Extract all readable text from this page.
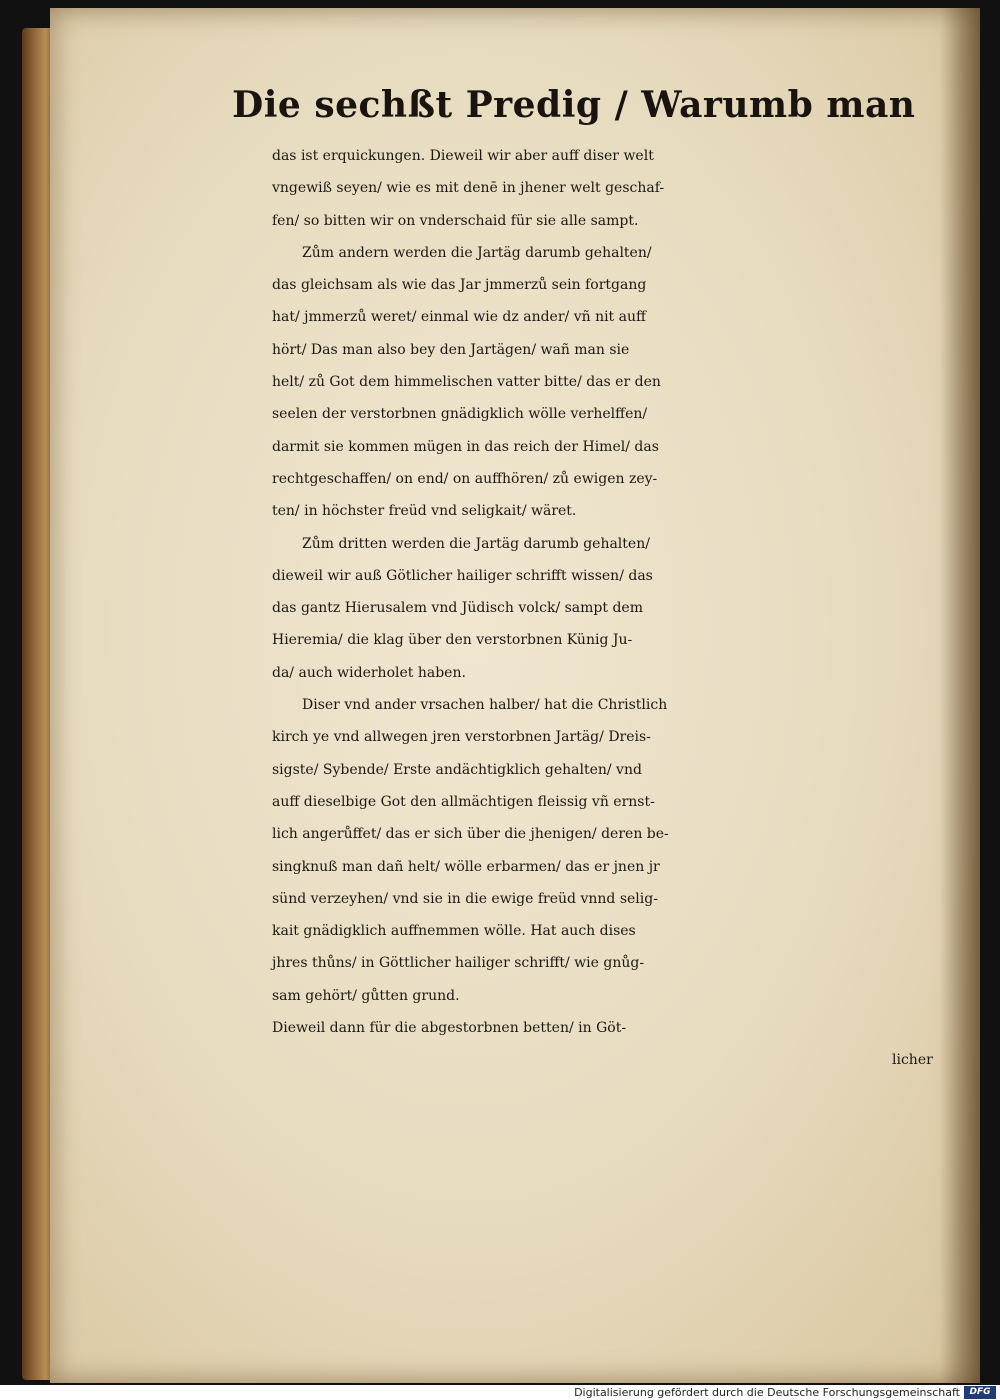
Die sechßt Predig / Warumb man
das ist erquickungen. Dieweil wir aber auff diser welt
vngewiß seyen/ wie es mit denē in jhener welt geschaf-
fen/ so bitten wir on vnderschaid für sie alle sampt.
Zům andern werden die Jartäg darumb gehalten/
das gleichsam als wie das Jar jmmerzů sein fortgang
hat/ jmmerzů weret/ einmal wie dz ander/ vñ nit auff
hört/ Das man also bey den Jartägen/ wañ man sie
helt/ zů Got dem himmelischen vatter bitte/ das er den
seelen der verstorbnen gnädigklich wölle verhelffen/
darmit sie kommen mügen in das reich der Himel/ das
rechtgeschaffen/ on end/ on auffhören/ zů ewigen zey-
ten/ in höchster freüd vnd seligkait/ wäret.
Zům dritten werden die Jartäg darumb gehalten/
dieweil wir auß Götlicher hailiger schrifft wissen/ das
das gantz Hierusalem vnd Jüdisch volck/ sampt dem
Hieremia/ die klag über den verstorbnen Künig Ju-
da/ auch widerholet haben.
Diser vnd ander vrsachen halber/ hat die Christlich
kirch ye vnd allwegen jren verstorbnen Jartäg/ Dreis-
sigste/ Sybende/ Erste andächtigklich gehalten/ vnd
auff dieselbige Got den allmächtigen fleissig vñ ernst-
lich angerůffet/ das er sich über die jhenigen/ deren be-
singknuß man dañ helt/ wölle erbarmen/ das er jnen jr
sünd verzeyhen/ vnd sie in die ewige freüd vnnd selig-
kait gnädigklich auffnemmen wölle. Hat auch dises
jhres thůns/ in Göttlicher hailiger schrifft/ wie gnůg-
sam gehört/ gůtten grund.
Dieweil dann für die abgestorbnen betten/ in Göt-
licher
Digitalisierung gefördert durch die Deutsche Forschungsgemeinschaft	DFG
